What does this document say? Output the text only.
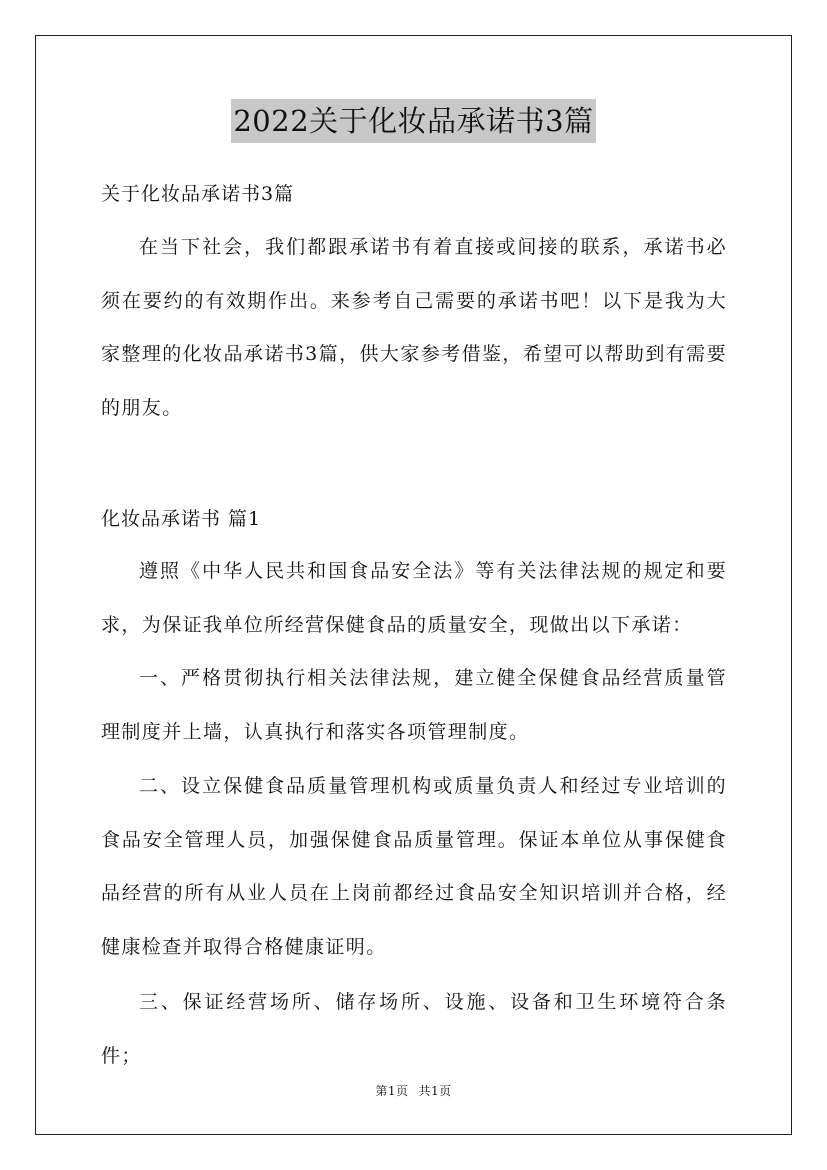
2022关于化妆品承诺书3篇
关于化妆品承诺书3篇

在当下社会，我们都跟承诺书有着直接或间接的联系，承诺书必须在要约的有效期作出。来参考自己需要的承诺书吧！以下是我为大家整理的化妆品承诺书3篇，供大家参考借鉴，希望可以帮助到有需要的朋友。

化妆品承诺书 篇1

遵照《中华人民共和国食品安全法》等有关法律法规的规定和要求，为保证我单位所经营保健食品的质量安全，现做出以下承诺：

一、严格贯彻执行相关法律法规，建立健全保健食品经营质量管理制度并上墙，认真执行和落实各项管理制度。

二、设立保健食品质量管理机构或质量负责人和经过专业培训的食品安全管理人员，加强保健食品质量管理。保证本单位从事保健食品经营的所有从业人员在上岗前都经过食品安全知识培训并合格，经健康检查并取得合格健康证明。

三、保证经营场所、储存场所、设施、设备和卫生环境符合条件；

第1页 共1页
